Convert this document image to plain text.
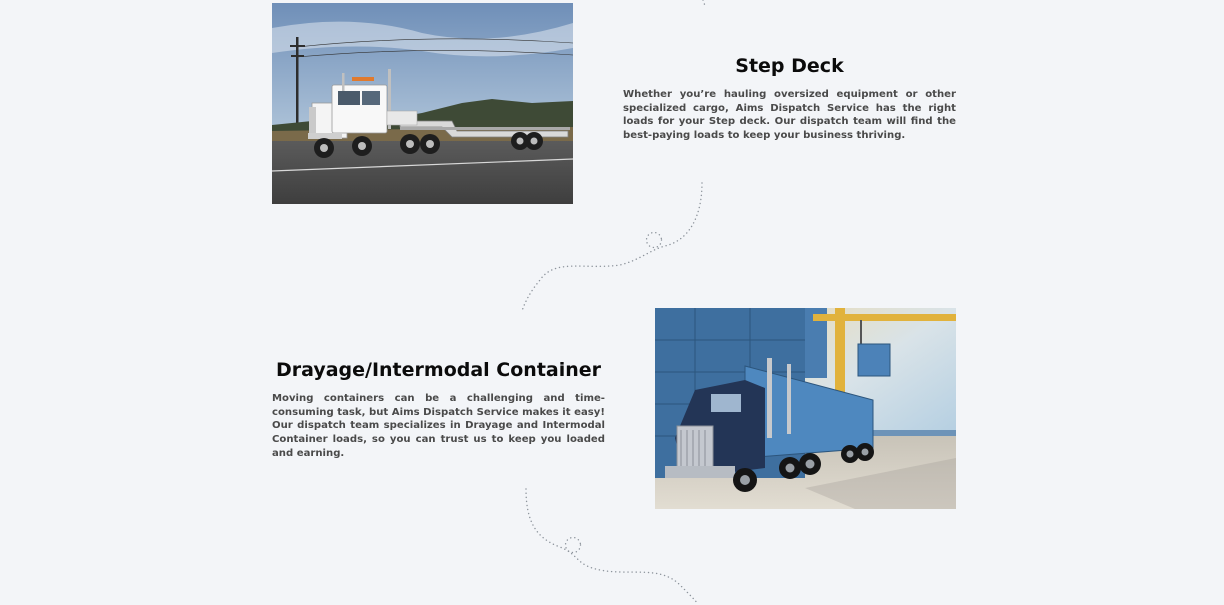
Step Deck

Whether you’re hauling oversized equipment or other specialized cargo, Aims Dispatch Service has the right loads for your Step deck. Our dispatch team will find the best-paying loads to keep your business thriving.

Drayage/Intermodal Container

Moving containers can be a challenging and time-consuming task, but Aims Dispatch Service makes it easy! Our dispatch team specializes in Drayage and Intermodal Container loads, so you can trust us to keep you loaded and earning.
